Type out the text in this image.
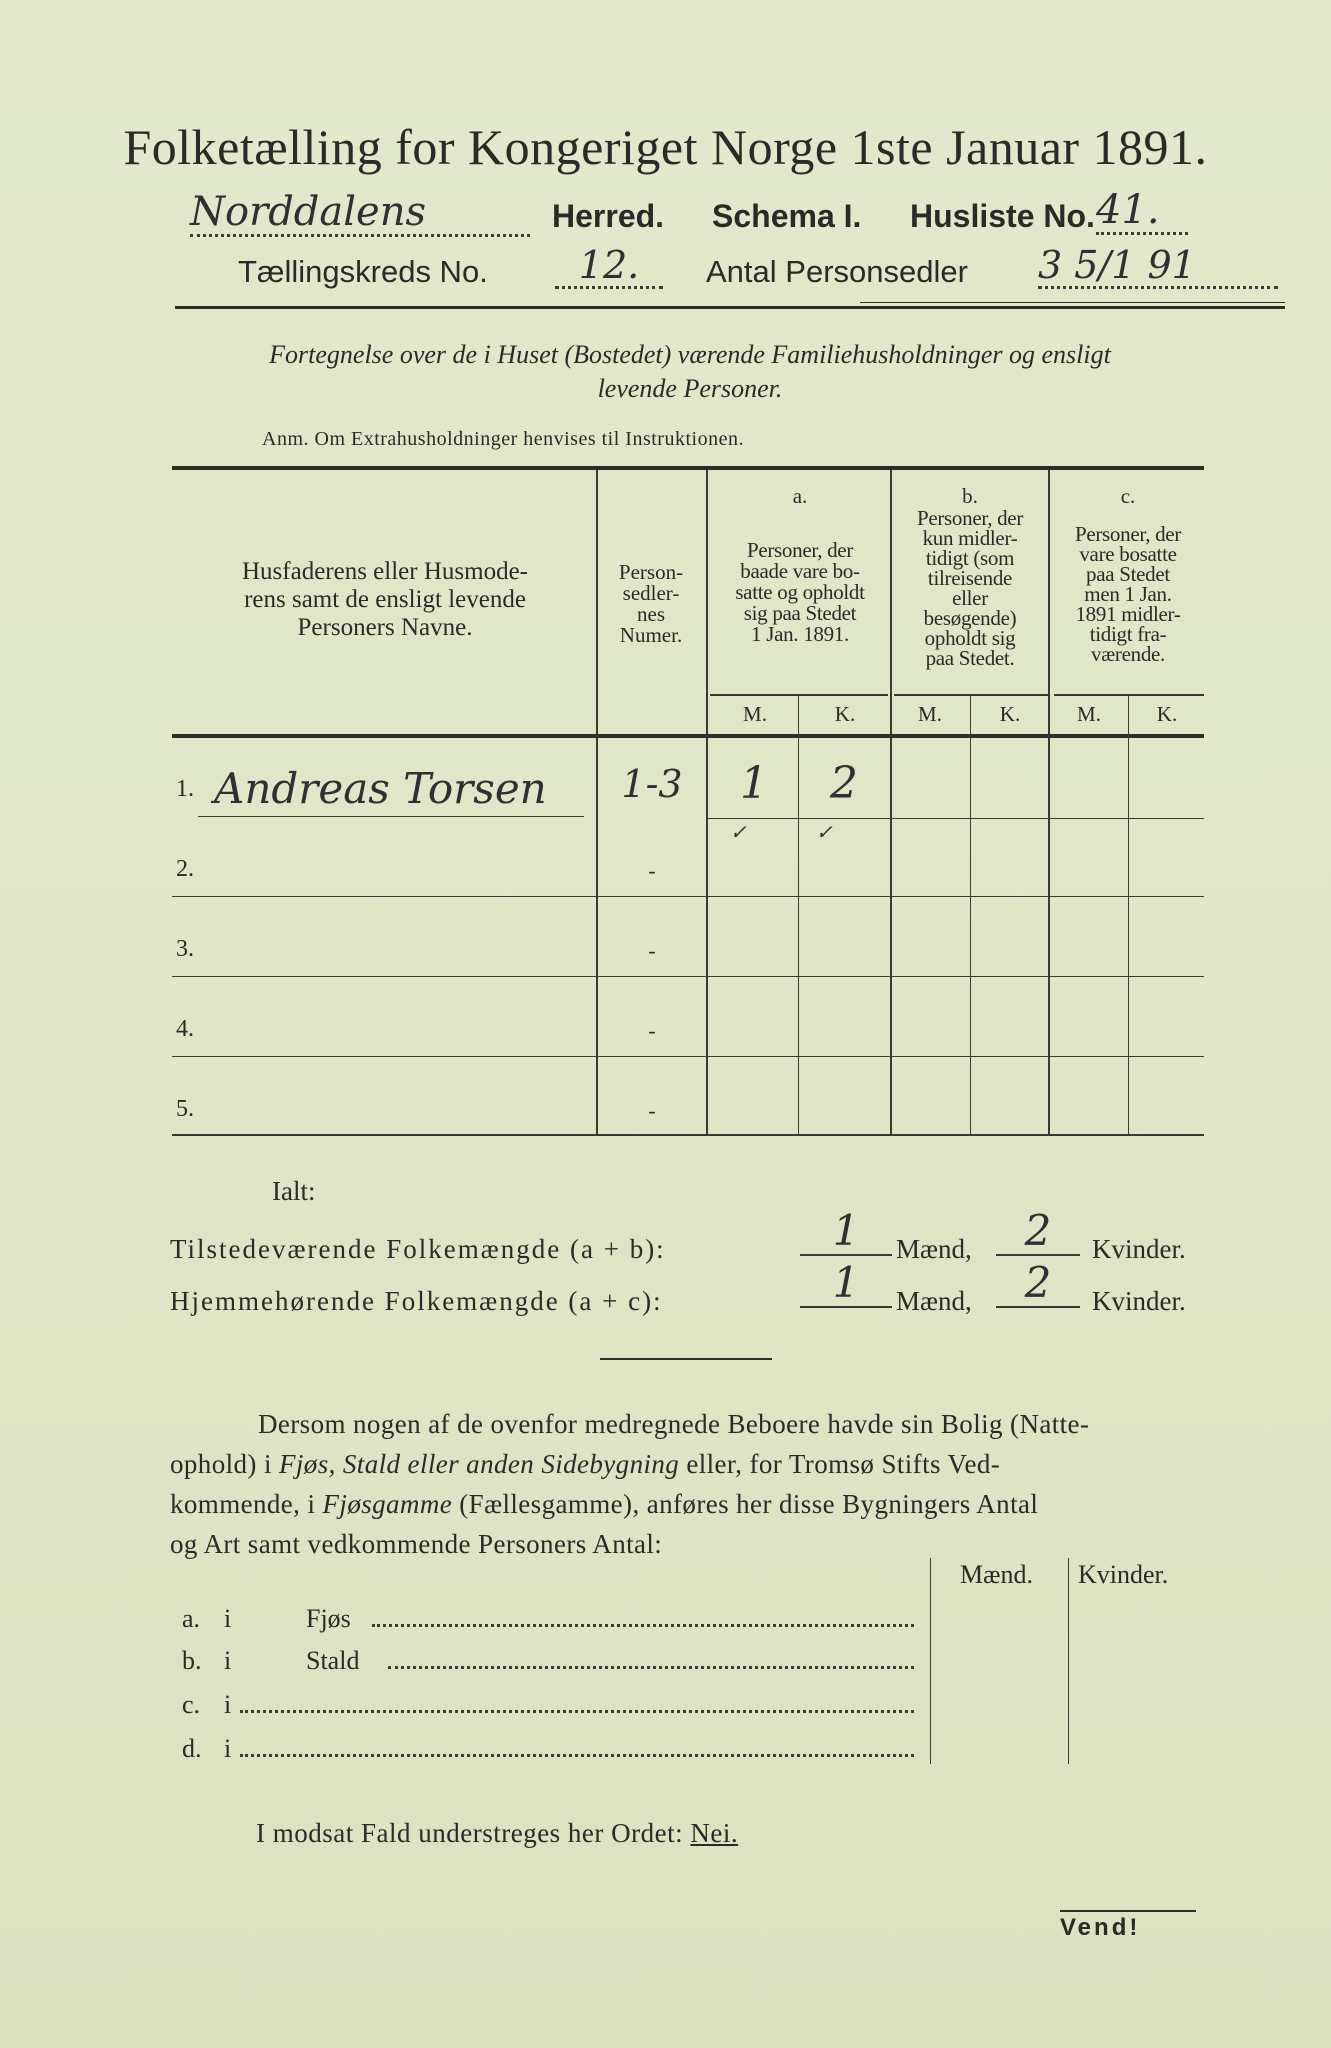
Folketælling for Kongeriget Norge 1ste Januar 1891.
Norddalens	Herred. Schema I. Husliste No. 41.
Tællingskreds No.	12.	Antal Personsedler 3 5/1 91
Fortegnelse over de i Huset (Bostedet) værende Familiehusholdninger og ensligt
levende Personer.
Anm. Om Extrahusholdninger henvises til Instruktionen.
Husfaderens eller Husmode-
rens samt de ensligt levende
Personers Navne.
Person-
sedler-
nes
Numer.
a.
Personer, der
baade vare bo-
satte og opholdt
sig paa Stedet
1 Jan. 1891.
b.
Personer, der
kun midler-
tidigt (som
tilreisende
eller
besøgende)
opholdt sig
paa Stedet.
c.
Personer, der
vare bosatte
paa Stedet
men 1 Jan.
1891 midler-
tidigt fra-
værende.
M.	K.	M.	K.	M.	K.
1. Andreas Torsen	1-3	1	2
✓	✓
2.	-
3.	-
4.	-
5.	-
Ialt:
Tilstedeværende Folkemængde (a + b):	1	Mænd,	2	Kvinder.
Hjemmehørende Folkemængde (a + c):	1	Mænd,	2	Kvinder.
Dersom nogen af de ovenfor medregnede Beboere havde sin Bolig (Natte-
ophold) i Fjøs, Stald eller anden Sidebygning eller, for Tromsø Stifts Ved-
kommende, i Fjøsgamme (Fællesgamme), anføres her disse Bygningers Antal
og Art samt vedkommende Personers Antal:
Mænd. Kvinder.
a. i	Fjøs
b. i	Stald
c. i
d. i
I modsat Fald understreges her Ordet: Nei.
Vend!
